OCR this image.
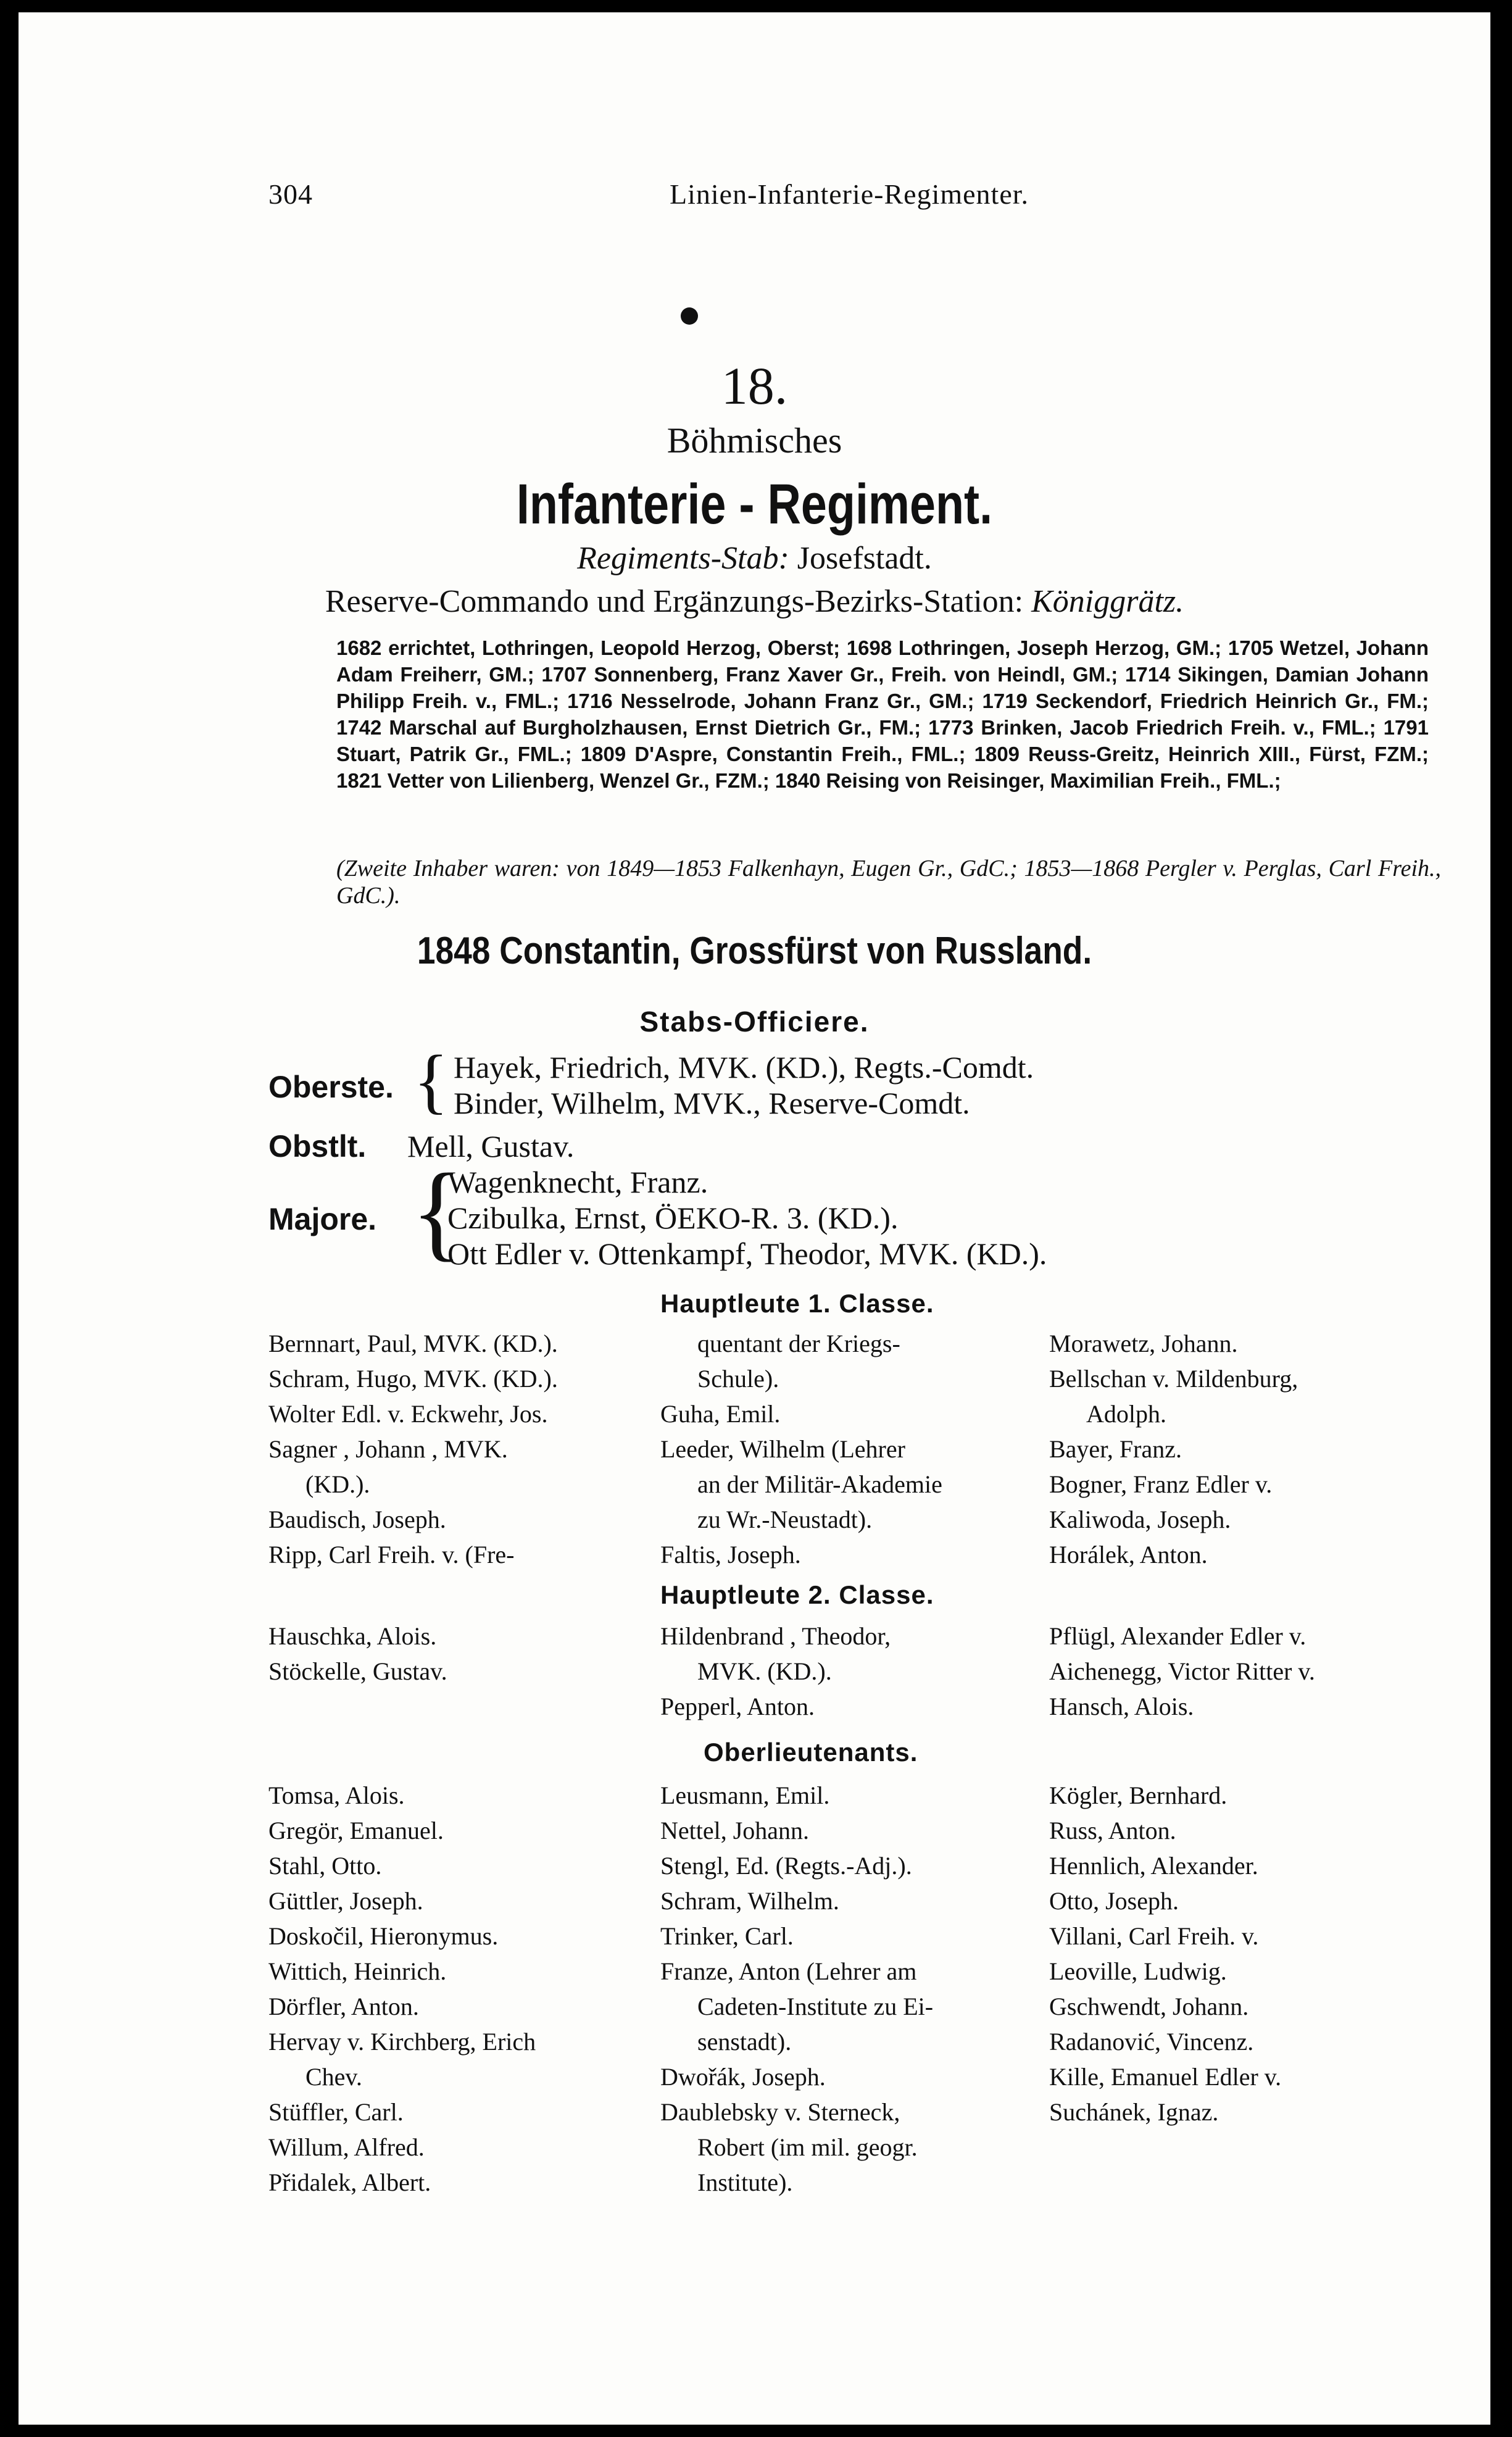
304	Linien-Infanterie-Regimenter.
18.
Böhmisches
Infanterie - Regiment.
Regiments-Stab: Josefstadt.
Reserve-Commando und Ergänzungs-Bezirks-Station: Königgrätz.
1682 errichtet, Lothringen, Leopold Herzog, Oberst; 1698 Lothringen, Joseph Herzog, GM.; 1705 Wetzel, Johann Adam Freiherr, GM.; 1707 Sonnenberg, Franz Xaver Gr., Freih. von Heindl, GM.; 1714 Sikingen, Damian Johann Philipp Freih. v., FML.; 1716 Nesselrode, Johann Franz Gr., GM.; 1719 Seckendorf, Friedrich Heinrich Gr., FM.; 1742 Marschal auf Burgholzhausen, Ernst Dietrich Gr., FM.; 1773 Brinken, Jacob Friedrich Freih. v., FML.; 1791 Stuart, Patrik Gr., FML.; 1809 D'Aspre, Constantin Freih., FML.; 1809 Reuss-Greitz, Heinrich XIII., Fürst, FZM.; 1821 Vetter von Lilienberg, Wenzel Gr., FZM.; 1840 Reising von Reisinger, Maximilian Freih., FML.;
(Zweite Inhaber waren: von 1849—1853 Falkenhayn, Eugen Gr., GdC.; 1853—1868 Pergler v. Perglas, Carl Freih., GdC.).
1848 Constantin, Grossfürst von Russland.
Stabs-Officiere.
Oberste. { Hayek, Friedrich, MVK. (KD.), Regts.-Comdt.
Binder, Wilhelm, MVK., Reserve-Comdt.
Obstlt. Mell, Gustav.
Majore. {
Wagenknecht, Franz.
Czibulka, Ernst, ÖEKO-R. 3. (KD.).
Ott Edler v. Ottenkampf, Theodor, MVK. (KD.).
Hauptleute 1. Classe.
Bernnart, Paul, MVK. (KD.).
Schram, Hugo, MVK. (KD.).
Wolter Edl. v. Eckwehr, Jos.
Sagner , Johann , MVK.
(KD.).
Baudisch, Joseph.
Ripp, Carl Freih. v. (Fre-
quentant der Kriegs-
Schule).
Guha, Emil.
Leeder, Wilhelm (Lehrer
an der Militär-Akademie
zu Wr.-Neustadt).
Faltis, Joseph.
Morawetz, Johann.
Bellschan v. Mildenburg,
Adolph.
Bayer, Franz.
Bogner, Franz Edler v.
Kaliwoda, Joseph.
Horálek, Anton.
Hauptleute 2. Classe.
Hauschka, Alois.
Stöckelle, Gustav.
Hildenbrand , Theodor,
MVK. (KD.).
Pepperl, Anton.
Pflügl, Alexander Edler v.
Aichenegg, Victor Ritter v.
Hansch, Alois.
Oberlieutenants.
Tomsa, Alois.
Gregör, Emanuel.
Stahl, Otto.
Güttler, Joseph.
Doskočil, Hieronymus.
Wittich, Heinrich.
Dörfler, Anton.
Hervay v. Kirchberg, Erich
Chev.
Stüffler, Carl.
Willum, Alfred.
Přidalek, Albert.
Leusmann, Emil.
Nettel, Johann.
Stengl, Ed. (Regts.-Adj.).
Schram, Wilhelm.
Trinker, Carl.
Franze, Anton (Lehrer am
Cadeten-Institute zu Ei-
senstadt).
Dwořák, Joseph.
Daublebsky v. Sterneck,
Robert (im mil. geogr.
Institute).
Kögler, Bernhard.
Russ, Anton.
Hennlich, Alexander.
Otto, Joseph.
Villani, Carl Freih. v.
Leoville, Ludwig.
Gschwendt, Johann.
Radanović, Vincenz.
Kille, Emanuel Edler v.
Suchánek, Ignaz.
